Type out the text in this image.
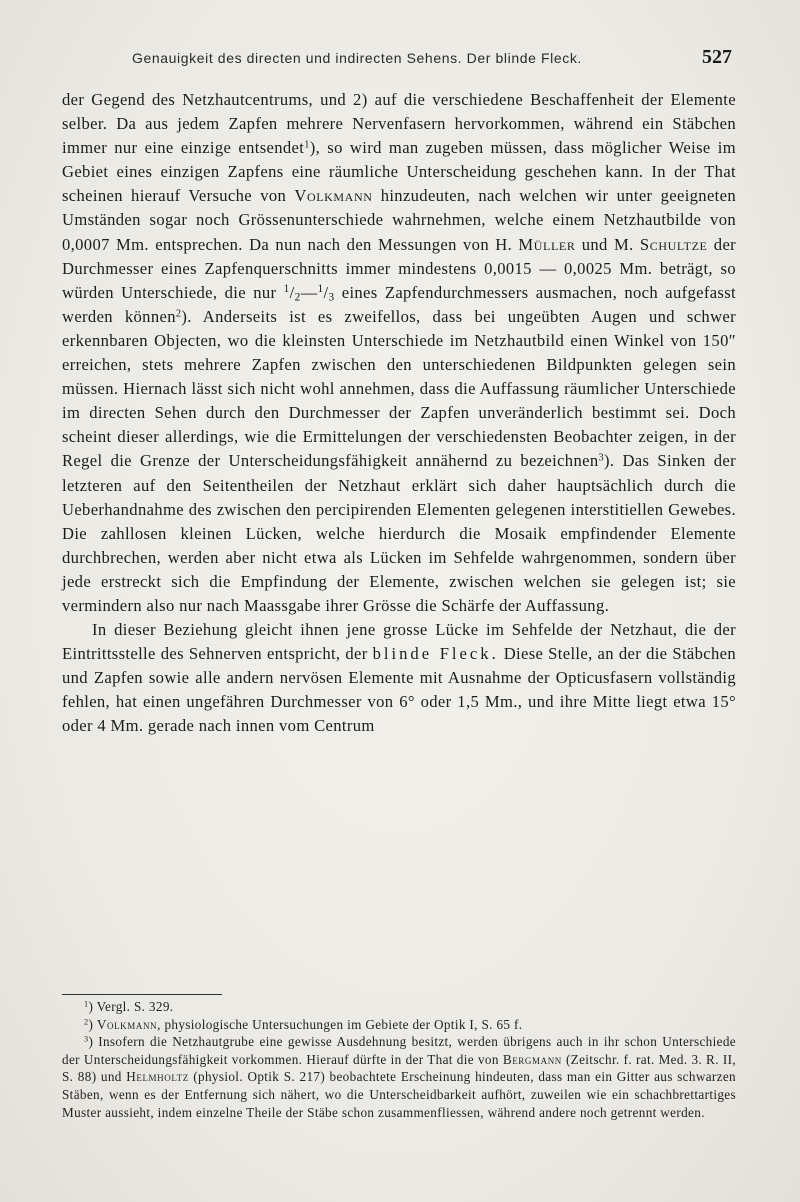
Genauigkeit des directen und indirecten Sehens. Der blinde Fleck.	527

der Gegend des Netzhautcentrums, und 2) auf die verschiedene Beschaffenheit der Elemente selber. Da aus jedem Zapfen mehrere Nervenfasern hervorkommen, während ein Stäbchen immer nur eine einzige entsendet$^1$), so wird man zugeben müssen, dass möglicher Weise im Gebiet eines einzigen Zapfens eine räumliche Unterscheidung geschehen kann. In der That scheinen hierauf Versuche von Volkmann hinzudeuten, nach welchen wir unter geeigneten Umständen sogar noch Grössenunterschiede wahrnehmen, welche einem Netzhautbilde von 0,0007 Mm. entsprechen. Da nun nach den Messungen von H. Müller und M. Schultze der Durchmesser eines Zapfenquerschnitts immer mindestens 0,0015 — 0,0025 Mm. beträgt, so würden Unterschiede, die nur $^1/_2—^1/_3$ eines Zapfendurchmessers ausmachen, noch aufgefasst werden können$^2$). Anderseits ist es zweifellos, dass bei ungeübten Augen und schwer erkennbaren Objecten, wo die kleinsten Unterschiede im Netzhautbild einen Winkel von 150″ erreichen, stets mehrere Zapfen zwischen den unterschiedenen Bildpunkten gelegen sein müssen. Hiernach lässt sich nicht wohl annehmen, dass die Auffassung räumlicher Unterschiede im directen Sehen durch den Durchmesser der Zapfen unveränderlich bestimmt sei. Doch scheint dieser allerdings, wie die Ermittelungen der verschiedensten Beobachter zeigen, in der Regel die Grenze der Unterscheidungsfähigkeit annähernd zu bezeichnen$^3$). Das Sinken der letzteren auf den Seitentheilen der Netzhaut erklärt sich daher hauptsächlich durch die Ueberhandnahme des zwischen den percipirenden Elementen gelegenen interstitiellen Gewebes. Die zahllosen kleinen Lücken, welche hierdurch die Mosaik empfindender Elemente durchbrechen, werden aber nicht etwa als Lücken im Sehfelde wahrgenommen, sondern über jede erstreckt sich die Empfindung der Elemente, zwischen welchen sie gelegen ist; sie vermindern also nur nach Maassgabe ihrer Grösse die Schärfe der Auffassung.

In dieser Beziehung gleicht ihnen jene grosse Lücke im Sehfelde der Netzhaut, die der Eintrittsstelle des Sehnerven entspricht, der blinde Fleck. Diese Stelle, an der die Stäbchen und Zapfen sowie alle andern nervösen Elemente mit Ausnahme der Opticusfasern vollständig fehlen, hat einen ungefähren Durchmesser von 6° oder 1,5 Mm., und ihre Mitte liegt etwa 15° oder 4 Mm. gerade nach innen vom Centrum

$^1$) Vergl. S. 329.

$^2$) Volkmann, physiologische Untersuchungen im Gebiete der Optik I, S. 65 f.

$^3$) Insofern die Netzhautgrube eine gewisse Ausdehnung besitzt, werden übrigens auch in ihr schon Unterschiede der Unterscheidungsfähigkeit vorkommen. Hierauf dürfte in der That die von Bergmann (Zeitschr. f. rat. Med. 3. R. II, S. 88) und Helmholtz (physiol. Optik S. 217) beobachtete Erscheinung hindeuten, dass man ein Gitter aus schwarzen Stäben, wenn es der Entfernung sich nähert, wo die Unterscheidbarkeit aufhört, zuweilen wie ein schachbrettartiges Muster aussieht, indem einzelne Theile der Stäbe schon zusammenfliessen, während andere noch getrennt werden.
